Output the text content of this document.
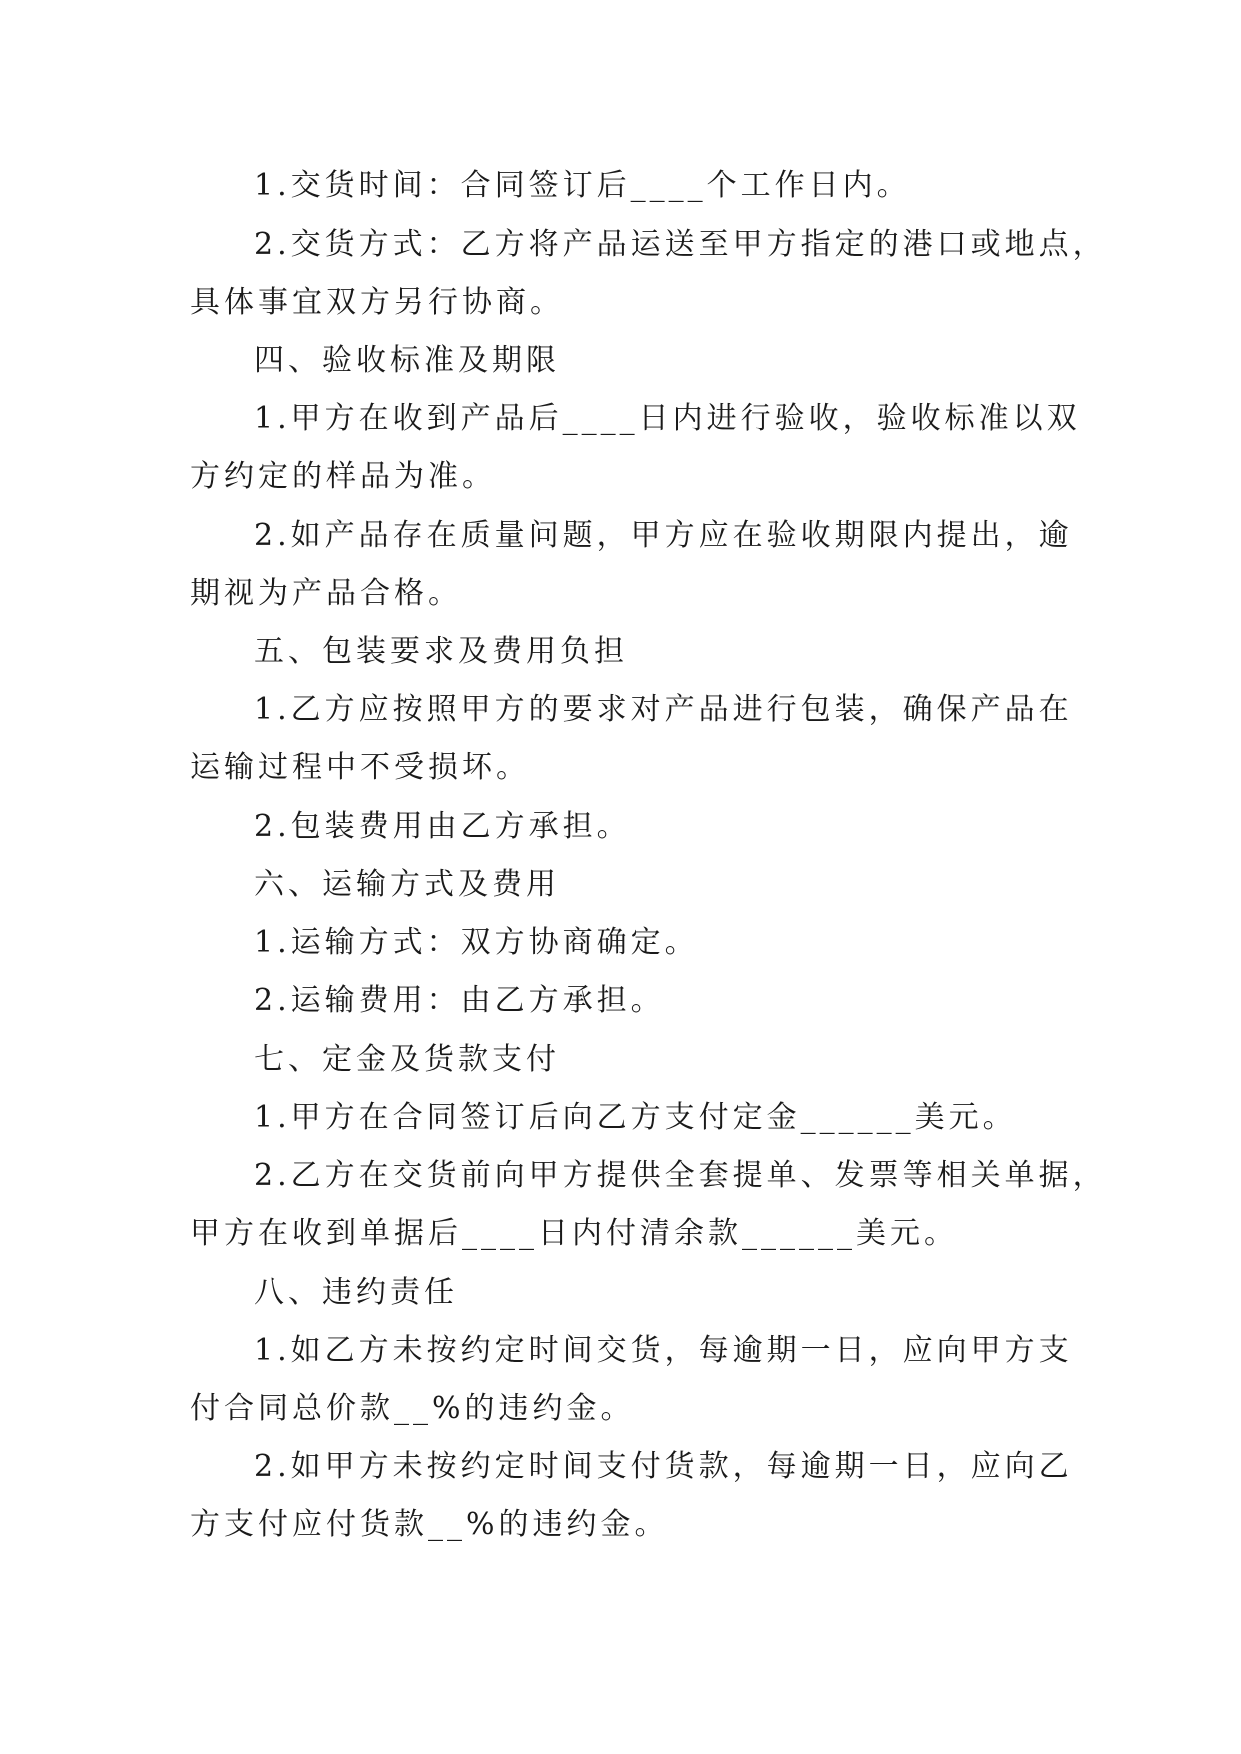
1.交货时间：合同签订后____个工作日内。
2.交货方式：乙方将产品运送至甲方指定的港口或地点，
具体事宜双方另行协商。
四、验收标准及期限
1.甲方在收到产品后____日内进行验收，验收标准以双
方约定的样品为准。
2.如产品存在质量问题，甲方应在验收期限内提出，逾
期视为产品合格。
五、包装要求及费用负担
1.乙方应按照甲方的要求对产品进行包装，确保产品在
运输过程中不受损坏。
2.包装费用由乙方承担。
六、运输方式及费用
1.运输方式：双方协商确定。
2.运输费用：由乙方承担。
七、定金及货款支付
1.甲方在合同签订后向乙方支付定金______美元。
2.乙方在交货前向甲方提供全套提单、发票等相关单据，
甲方在收到单据后____日内付清余款______美元。
八、违约责任
1.如乙方未按约定时间交货，每逾期一日，应向甲方支
付合同总价款__%的违约金。
2.如甲方未按约定时间支付货款，每逾期一日，应向乙
方支付应付货款__%的违约金。
